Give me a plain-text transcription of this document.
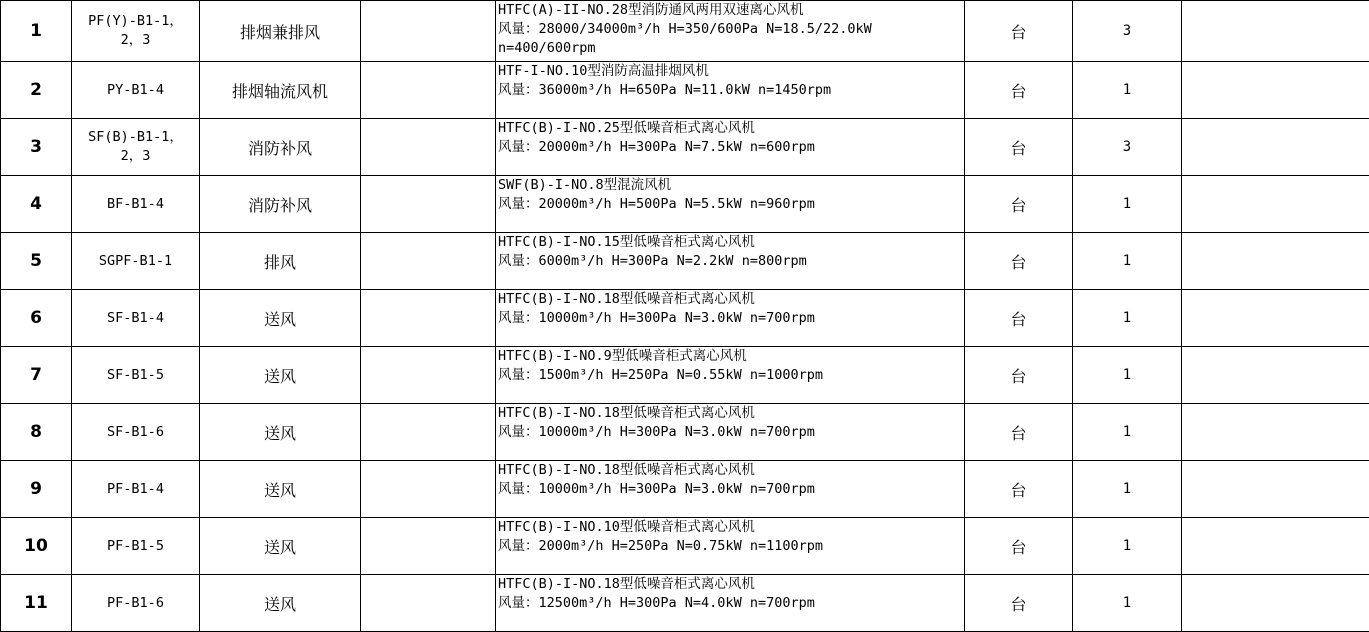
1	PF(Y)-B1-1，2，3	排烟兼排风		HTFC(A)-II-NO.28型消防通风两用双速离心风机
风量：28000/34000m³/h H=350/600Pa N=18.5/22.0kW
n=400/600rpm	台	3	
2	PY-B1-4	排烟轴流风机		HTF-I-NO.10型消防高温排烟风机
风量：36000m³/h H=650Pa N=11.0kW n=1450rpm	台	1	
3	SF(B)-B1-1，2，3	消防补风		HTFC(B)-I-NO.25型低噪音柜式离心风机
风量：20000m³/h H=300Pa N=7.5kW n=600rpm	台	3	
4	BF-B1-4	消防补风		SWF(B)-I-NO.8型混流风机
风量：20000m³/h H=500Pa N=5.5kW n=960rpm	台	1	
5	SGPF-B1-1	排风		HTFC(B)-I-NO.15型低噪音柜式离心风机
风量：6000m³/h H=300Pa N=2.2kW n=800rpm	台	1	
6	SF-B1-4	送风		HTFC(B)-I-NO.18型低噪音柜式离心风机
风量：10000m³/h H=300Pa N=3.0kW n=700rpm	台	1	
7	SF-B1-5	送风		HTFC(B)-I-NO.9型低噪音柜式离心风机
风量：1500m³/h H=250Pa N=0.55kW n=1000rpm	台	1	
8	SF-B1-6	送风		HTFC(B)-I-NO.18型低噪音柜式离心风机
风量：10000m³/h H=300Pa N=3.0kW n=700rpm	台	1	
9	PF-B1-4	送风		HTFC(B)-I-NO.18型低噪音柜式离心风机
风量：10000m³/h H=300Pa N=3.0kW n=700rpm	台	1	
10	PF-B1-5	送风		HTFC(B)-I-NO.10型低噪音柜式离心风机
风量：2000m³/h H=250Pa N=0.75kW n=1100rpm	台	1	
11	PF-B1-6	送风		HTFC(B)-I-NO.18型低噪音柜式离心风机
风量：12500m³/h H=300Pa N=4.0kW n=700rpm	台	1	
